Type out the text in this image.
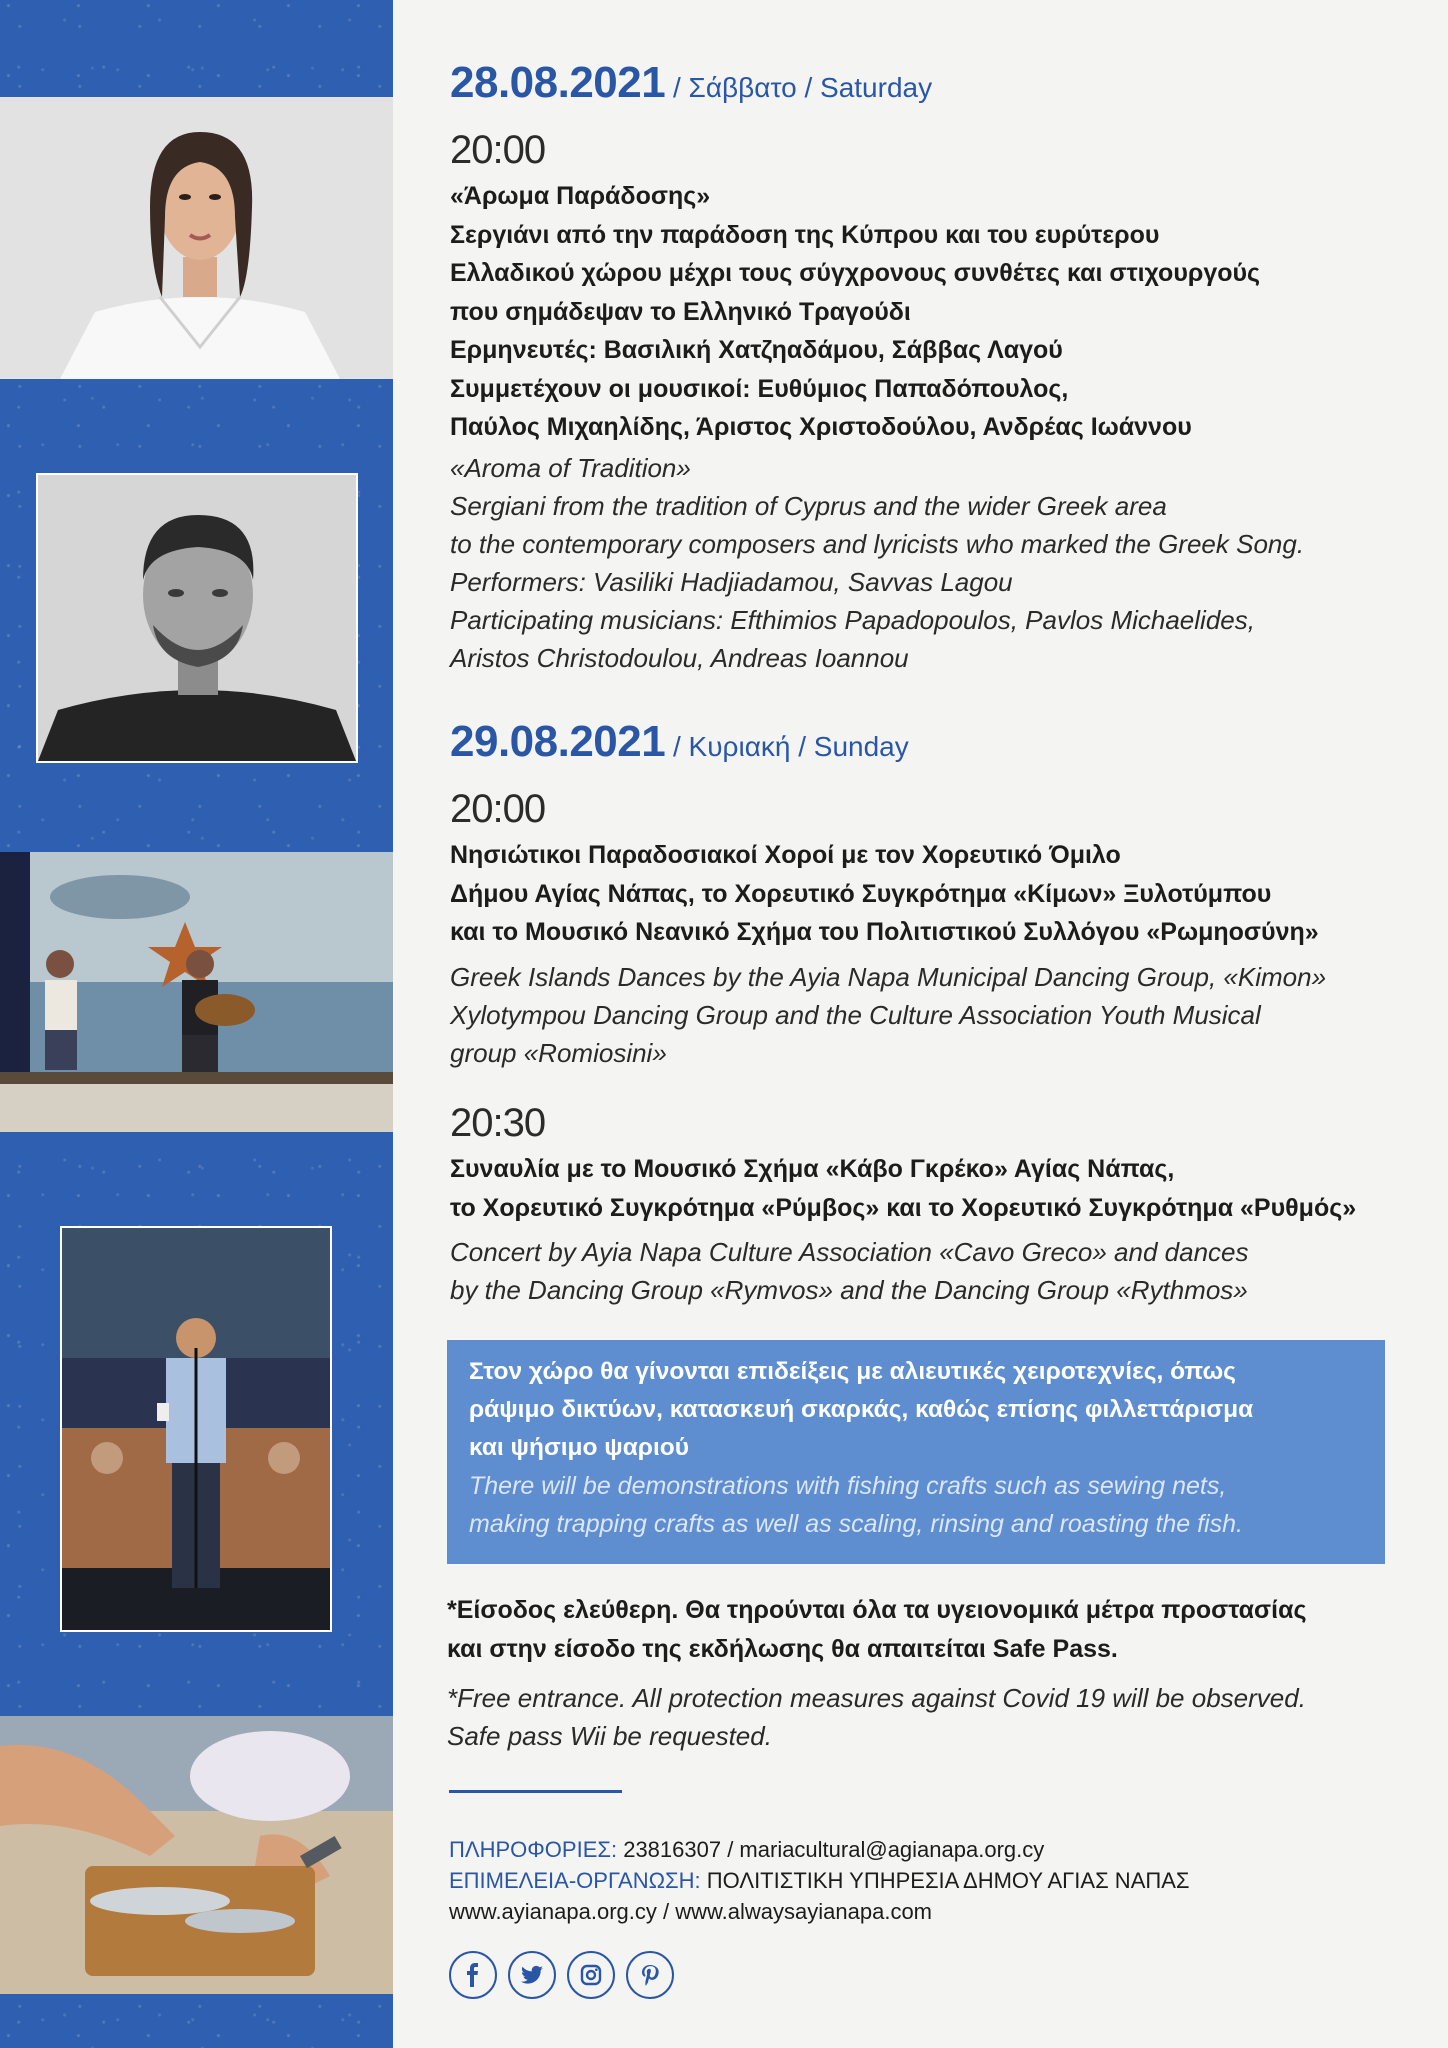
28.08.2021 / Σάββατο / Saturday
20:00
«Άρωμα Παράδοσης»
Σεργιάνι από την παράδοση της Κύπρου και του ευρύτερου
Ελλαδικού χώρου μέχρι τους σύγχρονους συνθέτες και στιχουργούς
που σημάδεψαν το Ελληνικό Τραγούδι
Ερμηνευτές: Βασιλική Χατζηαδάμου, Σάββας Λαγού
Συμμετέχουν οι μουσικοί: Ευθύμιος Παπαδόπουλος,
Παύλος Μιχαηλίδης, Άριστος Χριστοδούλου, Ανδρέας Ιωάννου
«Aroma of Tradition»
Sergiani from the tradition of Cyprus and the wider Greek area
to the contemporary composers and lyricists who marked the Greek Song.
Performers: Vasiliki Hadjiadamou, Savvas Lagou
Participating musicians: Efthimios Papadopoulos, Pavlos Michaelides,
Aristos Christodoulou, Andreas Ioannou
29.08.2021 / Κυριακή / Sunday
20:00
Νησιώτικοι Παραδοσιακοί Χοροί με τον Χορευτικό Όμιλο
Δήμου Αγίας Νάπας, το Χορευτικό Συγκρότημα «Κίμων» Ξυλοτύμπου
και το Μουσικό Νεανικό Σχήμα του Πολιτιστικού Συλλόγου «Ρωμηοσύνη»
Greek Islands Dances by the Ayia Napa Municipal Dancing Group, «Kimon»
Xylotympou Dancing Group and the Culture Association Youth Musical
group «Romiosini»
20:30
Συναυλία με το Μουσικό Σχήμα «Κάβο Γκρέκο» Αγίας Νάπας,
το Χορευτικό Συγκρότημα «Ρύμβος» και το Χορευτικό Συγκρότημα «Ρυθμός»
Concert by Ayia Napa Culture Association «Cavo Greco» and dances
by the Dancing Group «Rymvos» and the Dancing Group «Rythmos»
Στον χώρο θα γίνονται επιδείξεις με αλιευτικές χειροτεχνίες, όπως
ράψιμο δικτύων, κατασκευή σκαρκάς, καθώς επίσης φιλλεττάρισμα
και ψήσιμο ψαριού
There will be demonstrations with fishing crafts such as sewing nets,
making trapping crafts as well as scaling, rinsing and roasting the fish.
*Είσοδος ελεύθερη. Θα τηρούνται όλα τα υγειονομικά μέτρα προστασίας
και στην είσοδο της εκδήλωσης θα απαιτείται Safe Pass.
*Free entrance. All protection measures against Covid 19 will be observed.
Safe pass Wii be requested.
ΠΛΗΡΟΦΟΡΙΕΣ: 23816307 / mariacultural@agianapa.org.cy
ΕΠΙΜΕΛΕΙΑ-ΟΡΓΑΝΩΣΗ: ΠΟΛΙΤΙΣΤΙΚΗ ΥΠΗΡΕΣΙΑ ΔΗΜΟΥ ΑΓΙΑΣ ΝΑΠΑΣ
www.ayianapa.org.cy / www.alwaysayianapa.com
